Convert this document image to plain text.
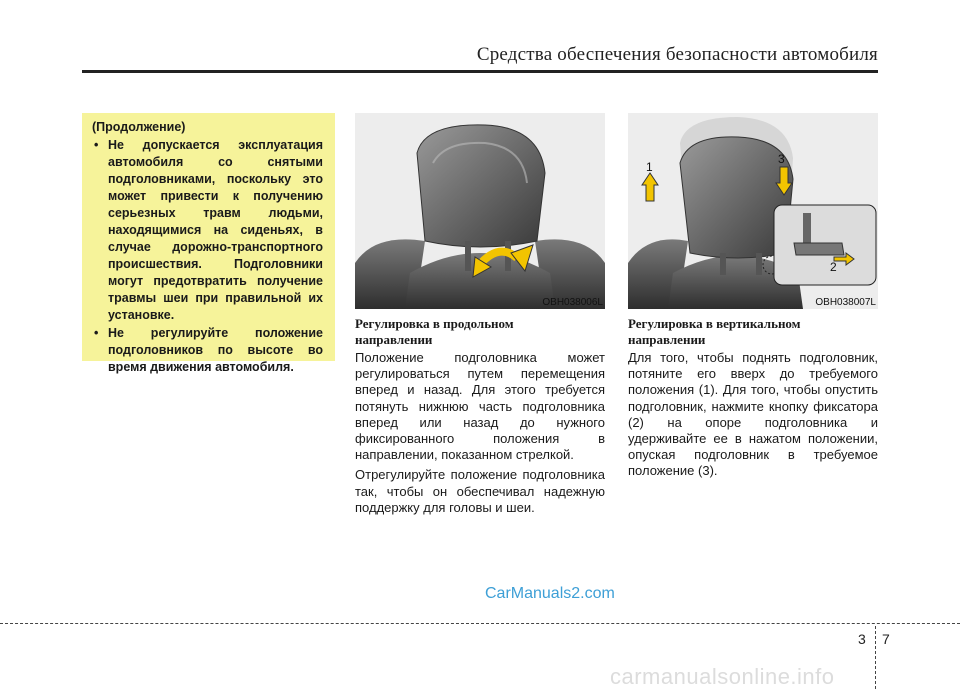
Средства обеспечения безопасности автомобиля
(Продолжение)
• Не допускается эксплуатация автомобиля со снятыми подголовниками, поскольку это может привести к получению серьезных травм людьми, находящимися на сиденьях, в случае дорожно-транспортного происшествия. Подголовники могут предотвратить получение травмы шеи при правильной их установке.
• Не регулируйте положение подголовников по высоте во время движения автомобиля.
OBH038006L
1
2
3
OBH038007L
Регулировка в продольном
направлении

Положение подголовника может регулироваться путем перемещения вперед и назад. Для этого требуется потянуть нижнюю часть подголовника вперед или назад до нужного фиксированного положения в направлении, показанном стрелкой.

Отрегулируйте положение подголовника так, чтобы он обеспечивал надежную поддержку для головы и шеи.

Регулировка в вертикальном
направлении

Для того, чтобы поднять подголовник, потяните его вверх до требуемого положения (1). Для того, чтобы опустить подголовник, нажмите кнопку фиксатора (2) на опоре подголовника и удерживайте ее в нажатом положении, опуская подголовник в требуемое положение (3).

CarManuals2.com
3 7
carmanualsonline.info
